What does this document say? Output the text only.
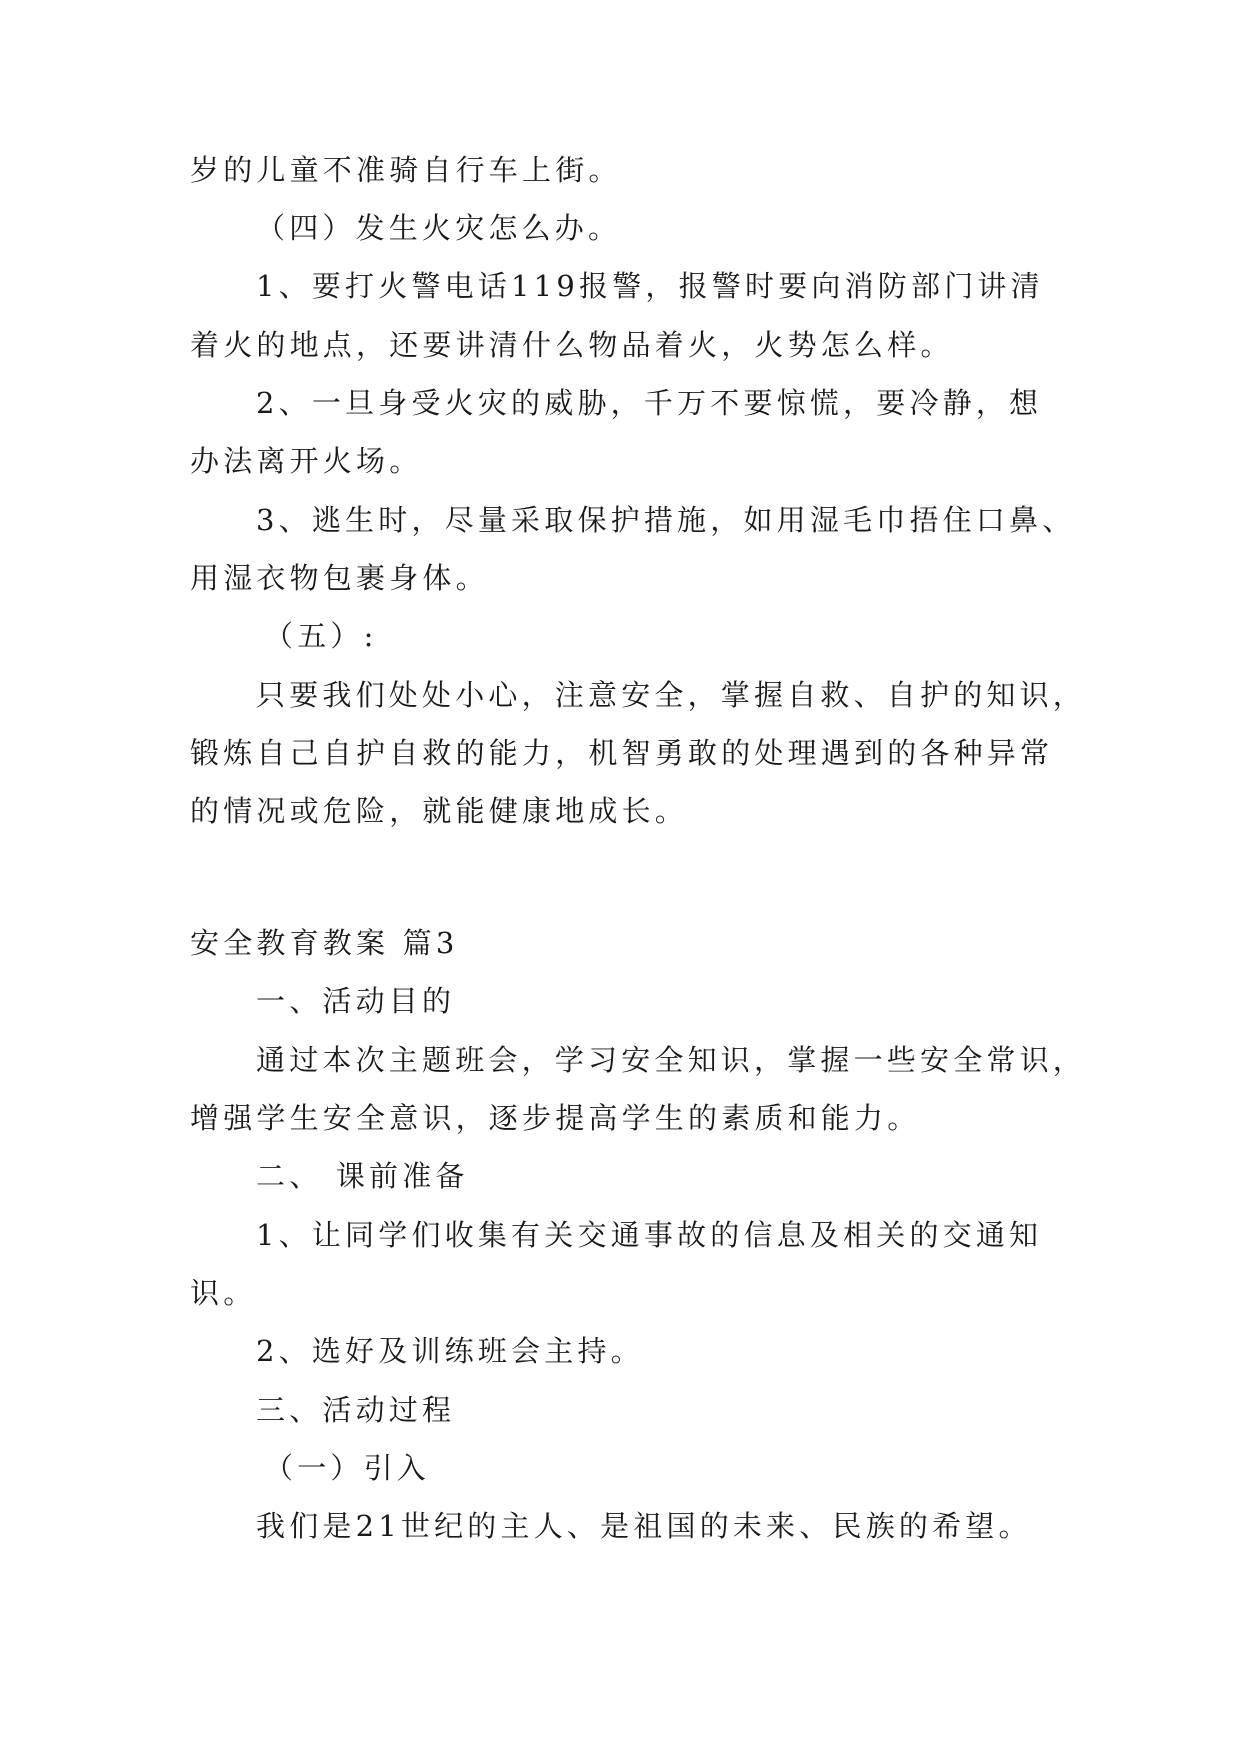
岁的儿童不准骑自行车上街。
（四）发生火灾怎么办。
1、要打火警电话119报警，报警时要向消防部门讲清
着火的地点，还要讲清什么物品着火，火势怎么样。
2、一旦身受火灾的威胁，千万不要惊慌，要冷静，想
办法离开火场。
3、逃生时，尽量采取保护措施，如用湿毛巾捂住口鼻、
用湿衣物包裹身体。
（五）:
只要我们处处小心，注意安全，掌握自救、自护的知识，
锻炼自己自护自救的能力，机智勇敢的处理遇到的各种异常
的情况或危险，就能健康地成长。
安全教育教案 篇3
一、活动目的
通过本次主题班会，学习安全知识，掌握一些安全常识，
增强学生安全意识，逐步提高学生的素质和能力。
二、 课前准备
1、让同学们收集有关交通事故的信息及相关的交通知
识。
2、选好及训练班会主持。
三、活动过程
（一）引入
我们是21世纪的主人、是祖国的未来、民族的希望。
